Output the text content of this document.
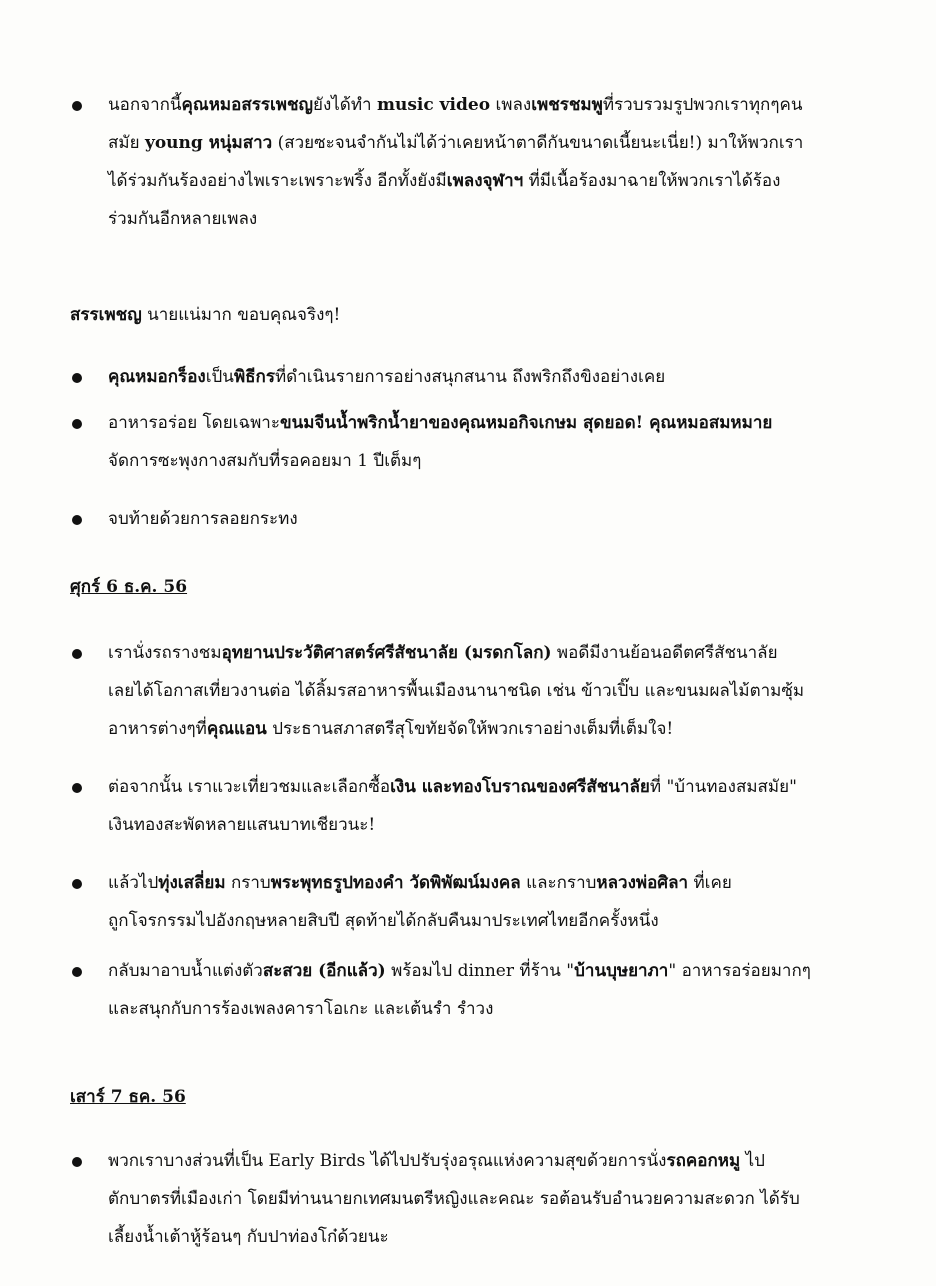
นอกจากนี้คุณหมอสรรเพชญยังได้ทำ music video เพลงเพชรชมพูที่รวบรวมรูปพวกเราทุกๆคน
สมัย young หนุ่มสาว (สวยซะจนจำกันไม่ได้ว่าเคยหน้าตาดีกันขนาดเนี้ยนะเนี่ย!) มาให้พวกเรา
ได้ร่วมกันร้องอย่างไพเราะเพราะพริ้ง อีกทั้งยังมีเพลงจุฬาฯ ที่มีเนื้อร้องมาฉายให้พวกเราได้ร้อง
ร่วมกันอีกหลายเพลง
สรรเพชญ นายแน่มาก ขอบคุณจริงๆ!
คุณหมอกร็องเป็นพิธีกรที่ดำเนินรายการอย่างสนุกสนาน ถึงพริกถึงขิงอย่างเคย
อาหารอร่อย โดยเฉพาะขนมจีนน้ำพริกน้ำยาของคุณหมอกิจเกษม สุดยอด! คุณหมอสมหมาย
จัดการซะพุงกางสมกับที่รอคอยมา 1 ปีเต็มๆ
จบท้ายด้วยการลอยกระทง
ศุกร์ 6 ธ.ค. 56
เรานั่งรถรางชมอุทยานประวัติศาสตร์ศรีสัชนาลัย (มรดกโลก) พอดีมีงานย้อนอดีตศรีสัชนาลัย
เลยได้โอกาสเที่ยวงานต่อ ได้ลิ้มรสอาหารพื้นเมืองนานาชนิด เช่น ข้าวเปิ๊บ และขนมผลไม้ตามซุ้ม
อาหารต่างๆที่คุณแอน ประธานสภาสตรีสุโขทัยจัดให้พวกเราอย่างเต็มที่เต็มใจ!
ต่อจากนั้น เราแวะเที่ยวชมและเลือกซื้อเงิน และทองโบราณของศรีสัชนาลัยที่ "บ้านทองสมสมัย"
เงินทองสะพัดหลายแสนบาทเชียวนะ!
แล้วไปทุ่งเสลี่ยม กราบพระพุทธรูปทองคำ วัดพิพัฒน์มงคล และกราบหลวงพ่อศิลา ที่เคย
ถูกโจรกรรมไปอังกฤษหลายสิบปี สุดท้ายได้กลับคืนมาประเทศไทยอีกครั้งหนึ่ง
กลับมาอาบน้ำแต่งตัวสะสวย (อีกแล้ว) พร้อมไป dinner ที่ร้าน "บ้านบุษยาภา" อาหารอร่อยมากๆ
และสนุกกับการร้องเพลงคาราโอเกะ และเต้นรำ รำวง
เสาร์ 7 ธค. 56
พวกเราบางส่วนที่เป็น Early Birds ได้ไปปรับรุ่งอรุณแห่งความสุขด้วยการนั่งรถคอกหมู ไป
ตักบาตรที่เมืองเก่า โดยมีท่านนายกเทศมนตรีหญิงและคณะ รอต้อนรับอำนวยความสะดวก ได้รับ
เลี้ยงน้ำเต้าหู้ร้อนๆ กับปาท่องโก๋ด้วยนะ
